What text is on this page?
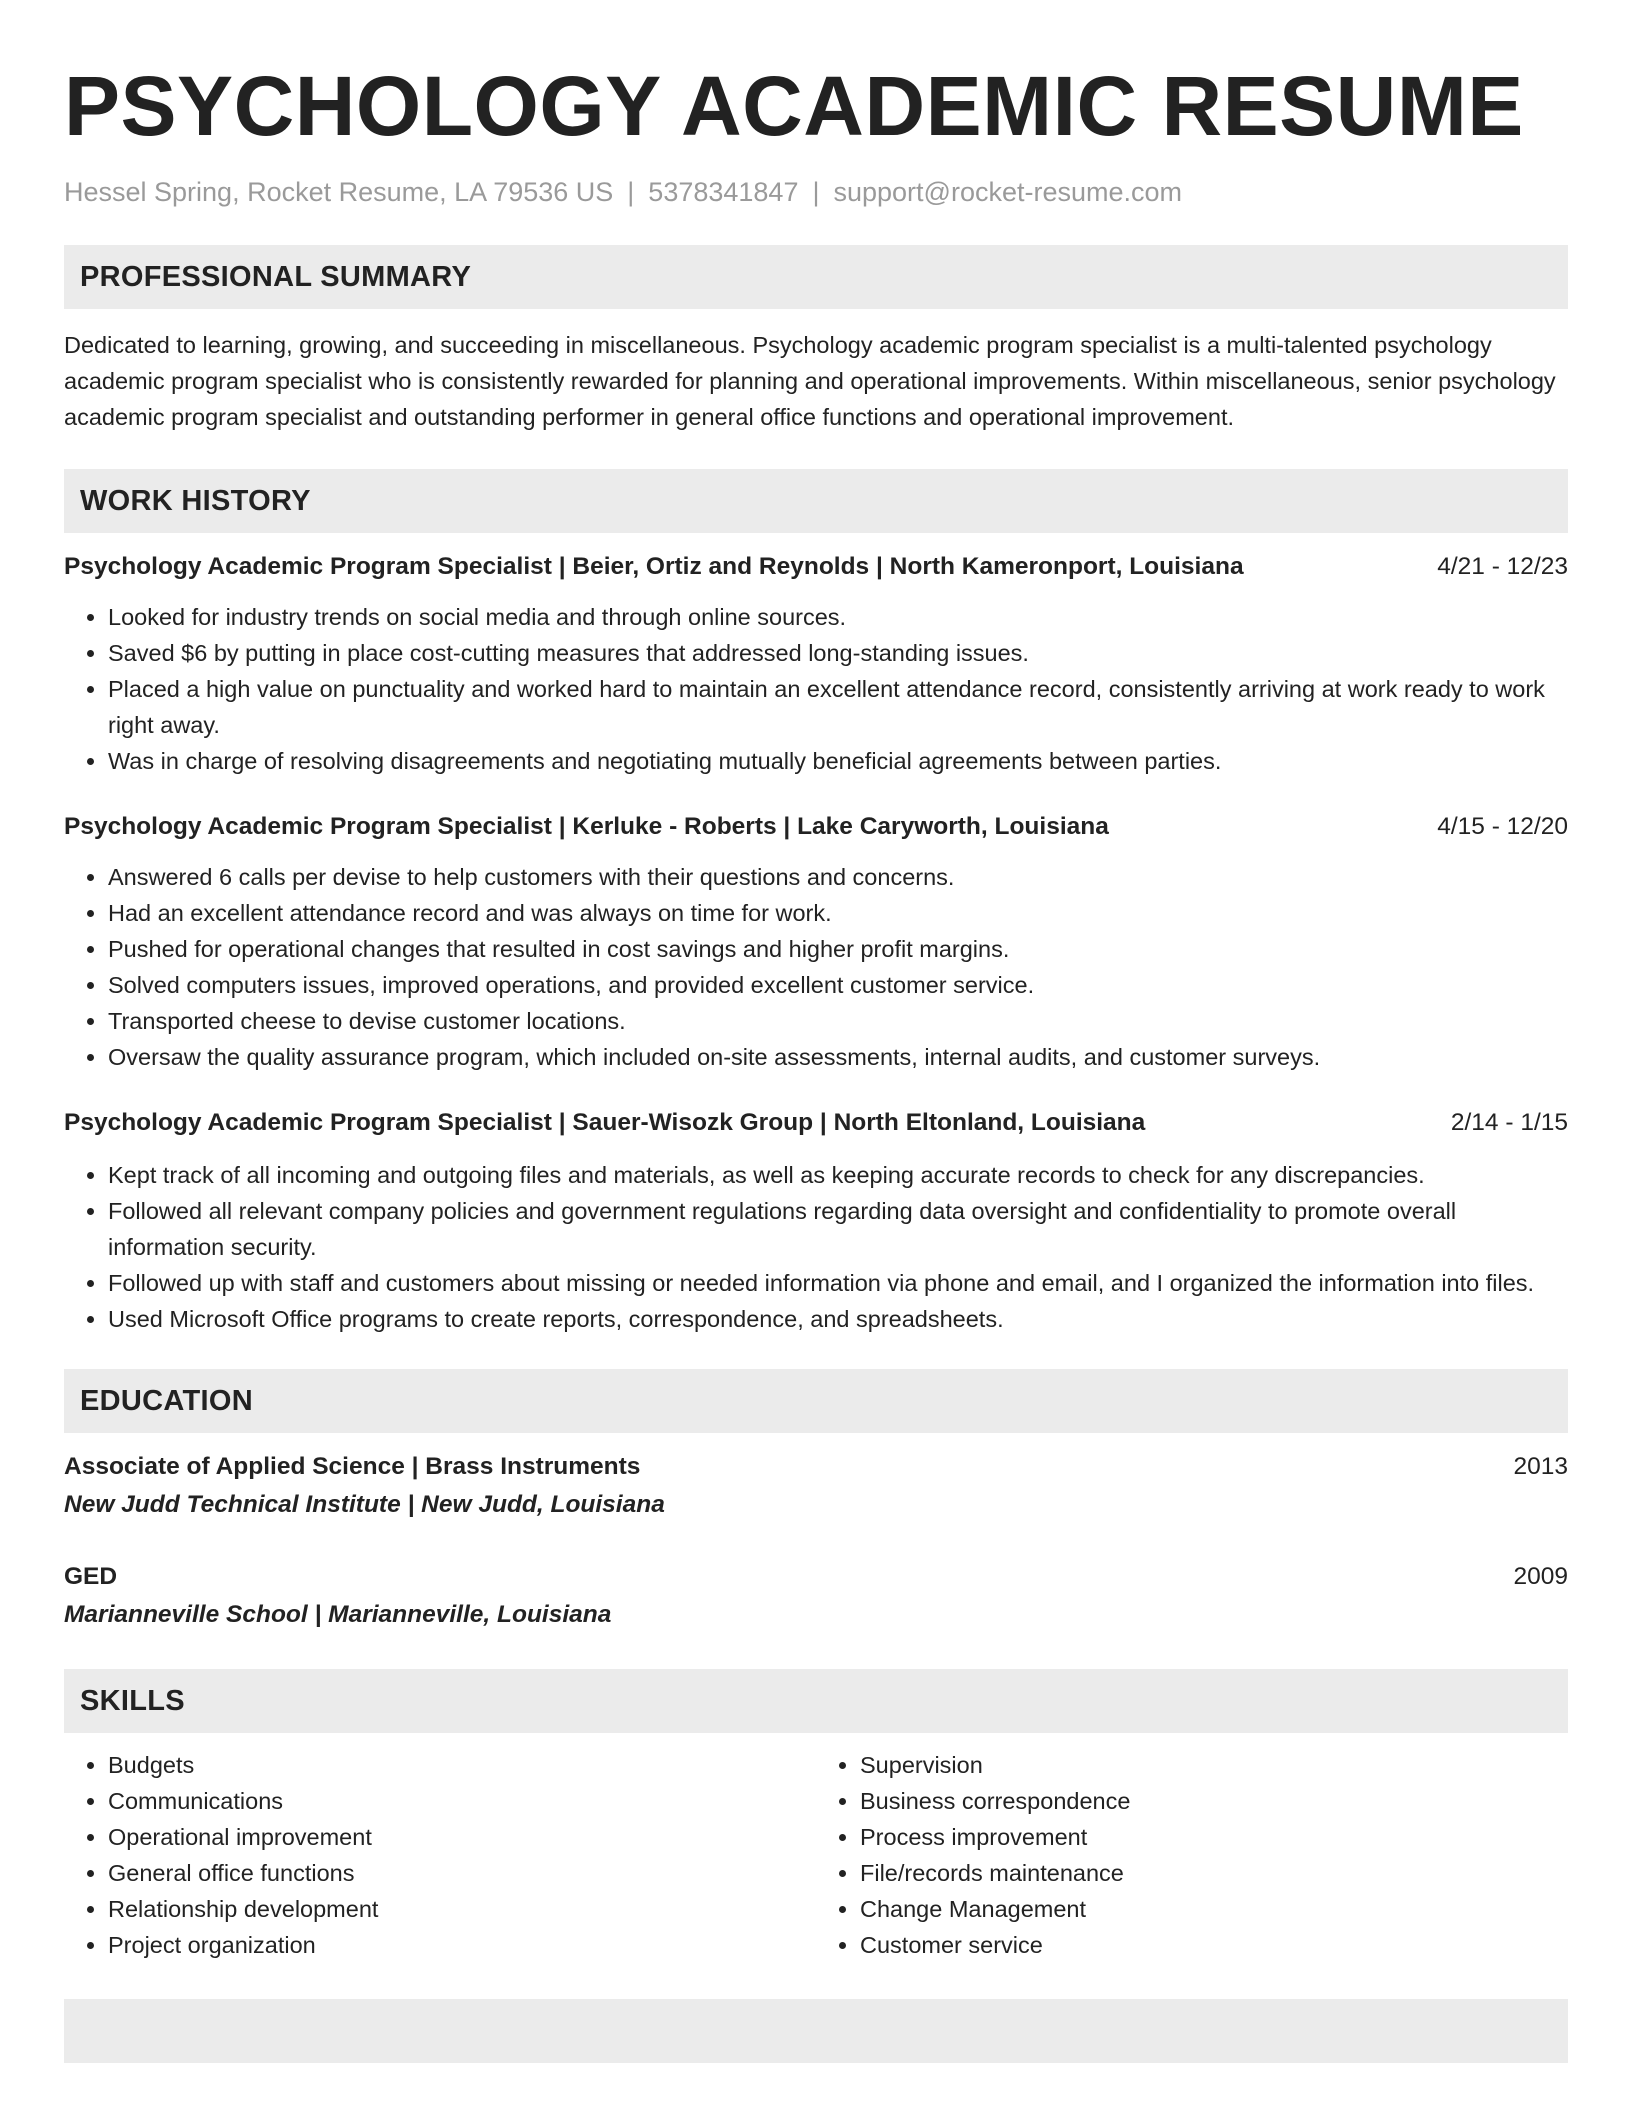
PSYCHOLOGY ACADEMIC RESUME
Hessel Spring, Rocket Resume, LA 79536 US | 5378341847 | support@rocket-resume.com
PROFESSIONAL SUMMARY
Dedicated to learning, growing, and succeeding in miscellaneous. Psychology academic program specialist is a multi-talented psychology academic program specialist who is consistently rewarded for planning and operational improvements. Within miscellaneous, senior psychology academic program specialist and outstanding performer in general office functions and operational improvement.
WORK HISTORY
Psychology Academic Program Specialist | Beier, Ortiz and Reynolds | North Kameronport, Louisiana	4/21 - 12/23
• Looked for industry trends on social media and through online sources.
• Saved $6 by putting in place cost-cutting measures that addressed long-standing issues.
• Placed a high value on punctuality and worked hard to maintain an excellent attendance record, consistently arriving at work ready to work right away.
• Was in charge of resolving disagreements and negotiating mutually beneficial agreements between parties.
Psychology Academic Program Specialist | Kerluke - Roberts | Lake Caryworth, Louisiana	4/15 - 12/20
• Answered 6 calls per devise to help customers with their questions and concerns.
• Had an excellent attendance record and was always on time for work.
• Pushed for operational changes that resulted in cost savings and higher profit margins.
• Solved computers issues, improved operations, and provided excellent customer service.
• Transported cheese to devise customer locations.
• Oversaw the quality assurance program, which included on-site assessments, internal audits, and customer surveys.
Psychology Academic Program Specialist | Sauer-Wisozk Group | North Eltonland, Louisiana	2/14 - 1/15
• Kept track of all incoming and outgoing files and materials, as well as keeping accurate records to check for any discrepancies.
• Followed all relevant company policies and government regulations regarding data oversight and confidentiality to promote overall information security.
• Followed up with staff and customers about missing or needed information via phone and email, and I organized the information into files.
• Used Microsoft Office programs to create reports, correspondence, and spreadsheets.
EDUCATION
Associate of Applied Science | Brass Instruments	2013
New Judd Technical Institute | New Judd, Louisiana
GED	2009
Marianneville School | Marianneville, Louisiana
SKILLS
• Budgets
• Communications
• Operational improvement
• General office functions
• Relationship development
• Project organization
• Supervision
• Business correspondence
• Process improvement
• File/records maintenance
• Change Management
• Customer service
